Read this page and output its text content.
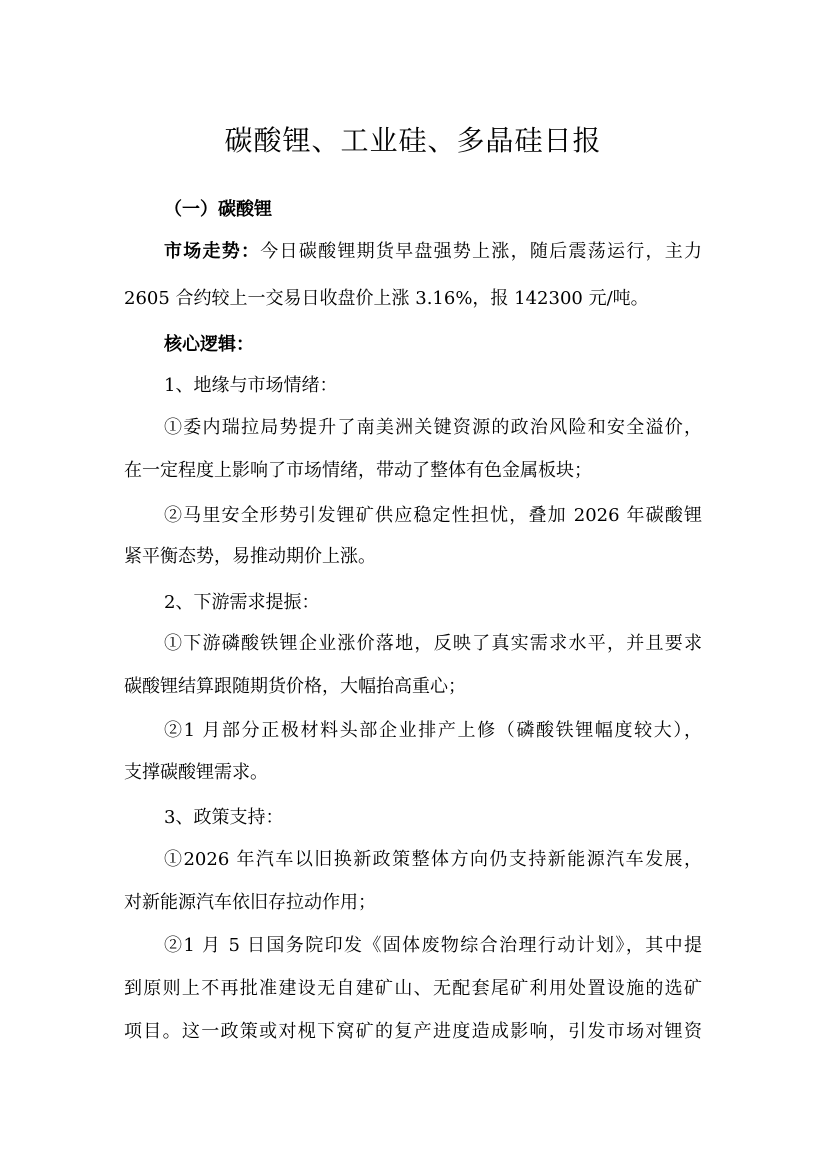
碳酸锂、工业硅、多晶硅日报
（一）碳酸锂
市场走势：今日碳酸锂期货早盘强势上涨，随后震荡运行，主力
2605 合约较上一交易日收盘价上涨 3.16%，报 142300 元/吨。
核心逻辑：
1、地缘与市场情绪：
①委内瑞拉局势提升了南美洲关键资源的政治风险和安全溢价，
在一定程度上影响了市场情绪，带动了整体有色金属板块；
②马里安全形势引发锂矿供应稳定性担忧，叠加 2026 年碳酸锂
紧平衡态势，易推动期价上涨。
2、下游需求提振：
①下游磷酸铁锂企业涨价落地，反映了真实需求水平，并且要求
碳酸锂结算跟随期货价格，大幅抬高重心；
②1 月部分正极材料头部企业排产上修（磷酸铁锂幅度较大），
支撑碳酸锂需求。
3、政策支持：
①2026 年汽车以旧换新政策整体方向仍支持新能源汽车发展，
对新能源汽车依旧存拉动作用；
②1 月 5 日国务院印发《固体废物综合治理行动计划》，其中提
到原则上不再批准建设无自建矿山、无配套尾矿利用处置设施的选矿
项目。这一政策或对枧下窝矿的复产进度造成影响，引发市场对锂资
